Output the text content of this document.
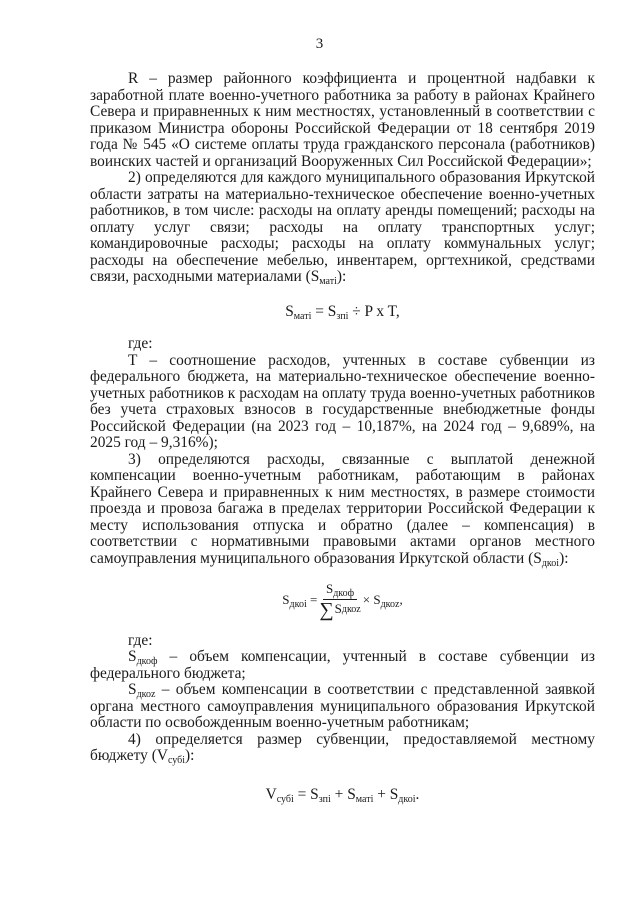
3

R – размер районного коэффициента и процентной надбавки к заработной плате военно-учетного работника за работу в районах Крайнего Севера и приравненных к ним местностях, установленный в соответствии с приказом Министра обороны Российской Федерации от 18 сентября 2019 года № 545 «О системе оплаты труда гражданского персонала (работников) воинских частей и организаций Вооруженных Сил Российской Федерации»;

2) определяются для каждого муниципального образования Иркутской области затраты на материально-техническое обеспечение военно-учетных работников, в том числе: расходы на оплату аренды помещений; расходы на оплату услуг связи; расходы на оплату транспортных услуг; командировочные расходы; расходы на оплату коммунальных услуг; расходы на обеспечение мебелью, инвентарем, оргтехникой, средствами связи, расходными материалами $(S_{матi})$:

$S_{матi} = S_{зпi} \div P$ x T,

где:

T – соотношение расходов, учтенных в составе субвенции из федерального бюджета, на материально-техническое обеспечение военно-учетных работников к расходам на оплату труда военно-учетных работников без учета страховых взносов в государственные внебюджетные фонды Российской Федерации (на 2023 год – 10,187%, на 2024 год – 9,689%, на 2025 год – 9,316%);

3) определяются расходы, связанные с выплатой денежной компенсации военно-учетным работникам, работающим в районах Крайнего Севера и приравненных к ним местностях, в размере стоимости проезда и провоза багажа в пределах территории Российской Федерации к месту использования отпуска и обратно (далее – компенсация) в соответствии с нормативными правовыми актами органов местного самоуправления муниципального образования Иркутской области $(S_{дкоi})$:

$S_{дкоi} = \frac{S_{дкоф}}{\text{∑ S дкоz}} \times S_{дкоz}$,

где:

$S_{дкоф}$ – объем компенсации, учтенный в составе субвенции из федерального бюджета;

$S_{дкоz}$ – объем компенсации в соответствии с представленной заявкой органа местного самоуправления муниципального образования Иркутской области по освобожденным военно-учетным работникам;

4) определяется размер субвенции, предоставляемой местному бюджету $(V_{субi})$:

$V_{субi} = S_{зпi} + S_{матi} + S_{дкоi}$.
